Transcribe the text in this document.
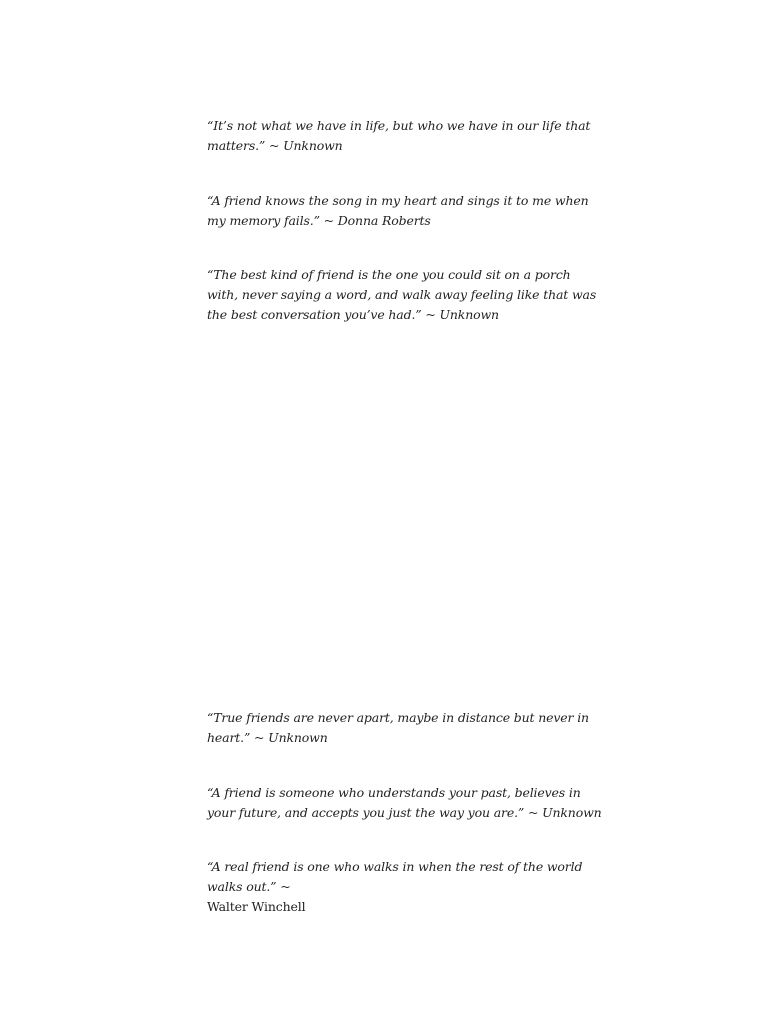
“It’s not what we have in life, but who we have in our life that
matters.” ~ Unknown

“A friend knows the song in my heart and sings it to me when
my memory fails.” ~ Donna Roberts

“The best kind of friend is the one you could sit on a porch
with, never saying a word, and walk away feeling like that was
the best conversation you’ve had.” ~ Unknown

“True friends are never apart, maybe in distance but never in
heart.” ~ Unknown

“A friend is someone who understands your past, believes in
your future, and accepts you just the way you are.” ~ Unknown

“A real friend is one who walks in when the rest of the world
walks out.” ~
Walter Winchell
